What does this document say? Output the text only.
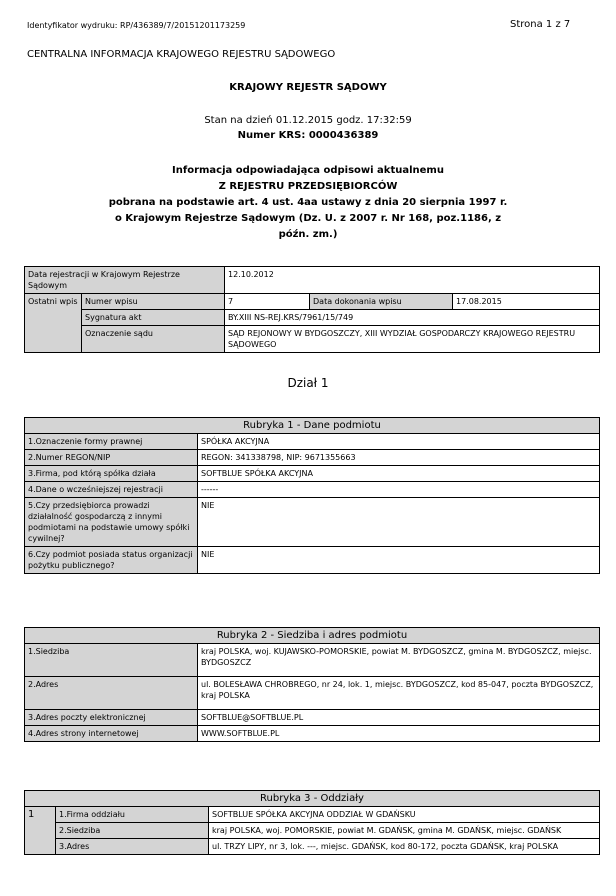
Identyfikator wydruku: RP/436389/7/20151201173259	Strona 1 z 7
CENTRALNA INFORMACJA KRAJOWEGO REJESTRU SĄDOWEGO
KRAJOWY REJESTR SĄDOWY
Stan na dzień 01.12.2015 godz. 17:32:59
Numer KRS: 0000436389
Informacja odpowiadająca odpisowi aktualnemu
Z REJESTRU PRZEDSIĘBIORCÓW
pobrana na podstawie art. 4 ust. 4aa ustawy z dnia 20 sierpnia 1997 r. o Krajowym Rejestrze Sądowym (Dz. U. z 2007 r. Nr 168, poz.1186, z późn. zm.)
Data rejestracji w Krajowym Rejestrze Sądowym		12.10.2012		
Ostatni wpis	Numer wpisu	7	Data dokonania wpisu	17.08.2015
	Sygnatura akt	BY.XIII NS-REJ.KRS/7961/15/749		
	Oznaczenie sądu	SĄD REJONOWY W BYDGOSZCZY, XIII WYDZIAŁ GOSPODARCZY KRAJOWEGO REJESTRU SĄDOWEGO		
Dział 1
Rubryka 1 - Dane podmiotu	
1.Oznaczenie formy prawnej	SPÓŁKA AKCYJNA
2.Numer REGON/NIP	REGON: 341338798, NIP: 9671355663
3.Firma, pod którą spółka działa	SOFTBLUE SPÓŁKA AKCYJNA
4.Dane o wcześniejszej rejestracji	------
5.Czy przedsiębiorca prowadzi działalność gospodarczą z innymi podmiotami na podstawie umowy spółki cywilnej?	NIE
6.Czy podmiot posiada status organizacji pożytku publicznego?	NIE
Rubryka 2 - Siedziba i adres podmiotu	
1.Siedziba	kraj POLSKA, woj. KUJAWSKO-POMORSKIE, powiat M. BYDGOSZCZ, gmina M. BYDGOSZCZ, miejsc. BYDGOSZCZ
2.Adres	ul. BOLESŁAWA CHROBREGO, nr 24, lok. 1, miejsc. BYDGOSZCZ, kod 85-047, poczta BYDGOSZCZ, kraj POLSKA
3.Adres poczty elektronicznej	SOFTBLUE@SOFTBLUE.PL
4.Adres strony internetowej	WWW.SOFTBLUE.PL
Rubryka 3 - Oddziały		
1	1.Firma oddziału	SOFTBLUE SPÓŁKA AKCYJNA ODDZIAŁ W GDAŃSKU
	2.Siedziba	kraj POLSKA, woj. POMORSKIE, powiat M. GDAŃSK, gmina M. GDAŃSK, miejsc. GDAŃSK
	3.Adres	ul. TRZY LIPY, nr 3, lok. ---, miejsc. GDAŃSK, kod 80-172, poczta GDAŃSK, kraj POLSKA
